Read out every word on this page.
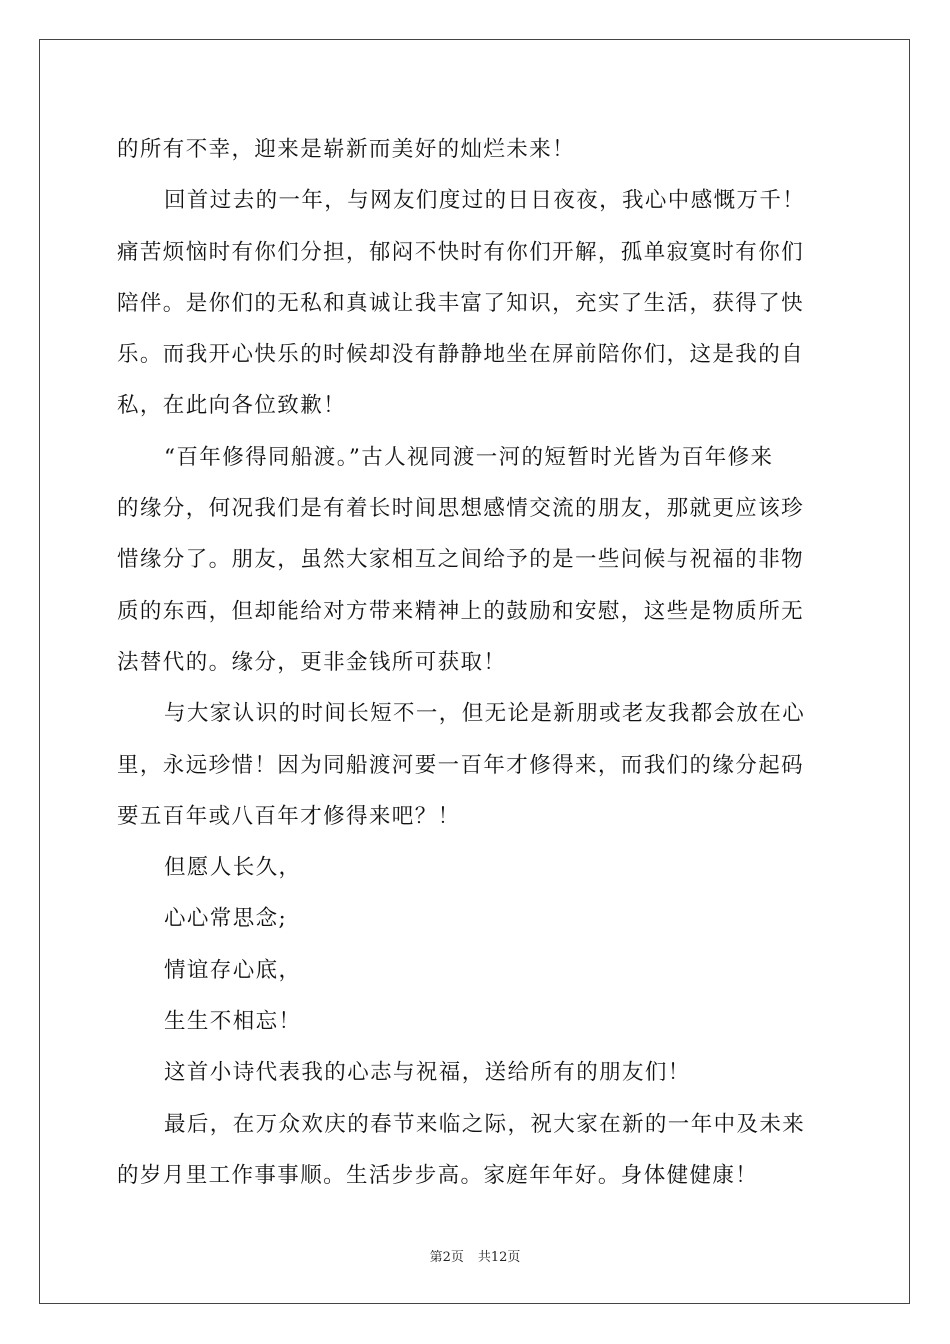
的所有不幸，迎来是崭新而美好的灿烂未来！
回首过去的一年，与网友们度过的日日夜夜，我心中感慨万千！
痛苦烦恼时有你们分担，郁闷不快时有你们开解，孤单寂寞时有你们
陪伴。是你们的无私和真诚让我丰富了知识，充实了生活，获得了快
乐。而我开心快乐的时候却没有静静地坐在屏前陪你们，这是我的自
私，在此向各位致歉！
“百年修得同船渡。”古人视同渡一河的短暂时光皆为百年修来
的缘分，何况我们是有着长时间思想感情交流的朋友，那就更应该珍
惜缘分了。朋友，虽然大家相互之间给予的是一些问候与祝福的非物
质的东西，但却能给对方带来精神上的鼓励和安慰，这些是物质所无
法替代的。缘分，更非金钱所可获取！
与大家认识的时间长短不一，但无论是新朋或老友我都会放在心
里，永远珍惜！因为同船渡河要一百年才修得来，而我们的缘分起码
要五百年或八百年才修得来吧？！
但愿人长久，
心心常思念;
情谊存心底，
生生不相忘！
这首小诗代表我的心志与祝福，送给所有的朋友们！
最后，在万众欢庆的春节来临之际，祝大家在新的一年中及未来
的岁月里工作事事顺。生活步步高。家庭年年好。身体健健康！
第2页 共12页
